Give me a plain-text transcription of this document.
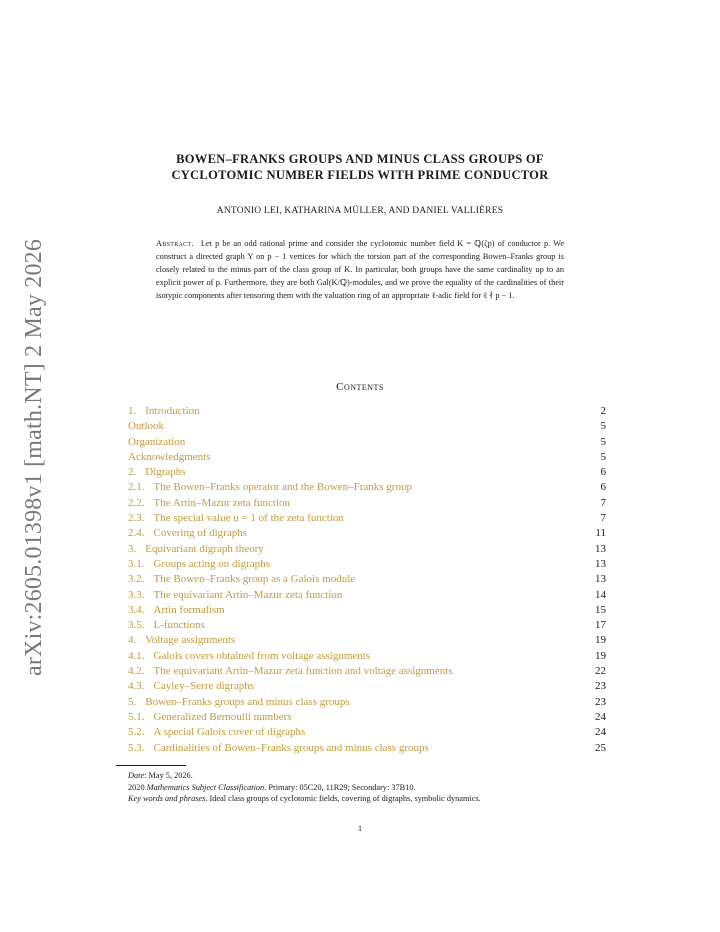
arXiv:2605.01398v1 [math.NT] 2 May 2026
BOWEN–FRANKS GROUPS AND MINUS CLASS GROUPS OF
CYCLOTOMIC NUMBER FIELDS WITH PRIME CONDUCTOR
ANTONIO LEI, KATHARINA MÜLLER, AND DANIEL VALLIÈRES
Abstract. Let p be an odd rational prime and consider the cyclotomic number field K = ℚ(ζp) of conductor p. We construct a directed graph Y on p − 1 vertices for which the torsion part of the corresponding Bowen–Franks group is closely related to the minus part of the class group of K. In particular, both groups have the same cardinality up to an explicit power of p. Furthermore, they are both Gal(K/ℚ)-modules, and we prove the equality of the cardinalities of their isotypic components after tensoring them with the valuation ring of an appropriate ℓ-adic field for ℓ ∤ p − 1.
Contents
1. Introduction	2
Outlook	5
Organization	5
Acknowledgments	5
2. Digraphs	6
2.1. The Bowen–Franks operator and the Bowen–Franks group	6
2.2. The Artin–Mazur zeta function	7
2.3. The special value u = 1 of the zeta function	7
2.4. Covering of digraphs	11
3. Equivariant digraph theory	13
3.1. Groups acting on digraphs	13
3.2. The Bowen–Franks group as a Galois module	13
3.3. The equivariant Artin–Mazur zeta function	14
3.4. Artin formalism	15
3.5. L-functions	17
4. Voltage assignments	19
4.1. Galois covers obtained from voltage assignments	19
4.2. The equivariant Artin–Mazur zeta function and voltage assignments	22
4.3. Cayley–Serre digraphs	23
5. Bowen–Franks groups and minus class groups	23
5.1. Generalized Bernoulli numbers	24
5.2. A special Galois cover of digraphs	24
5.3. Cardinalities of Bowen–Franks groups and minus class groups	25
Date: May 5, 2026.
2020 Mathematics Subject Classification. Primary: 05C20, 11R29; Secondary: 37B10.
Key words and phrases. Ideal class groups of cyclotomic fields, covering of digraphs, symbolic dynamics.
1
